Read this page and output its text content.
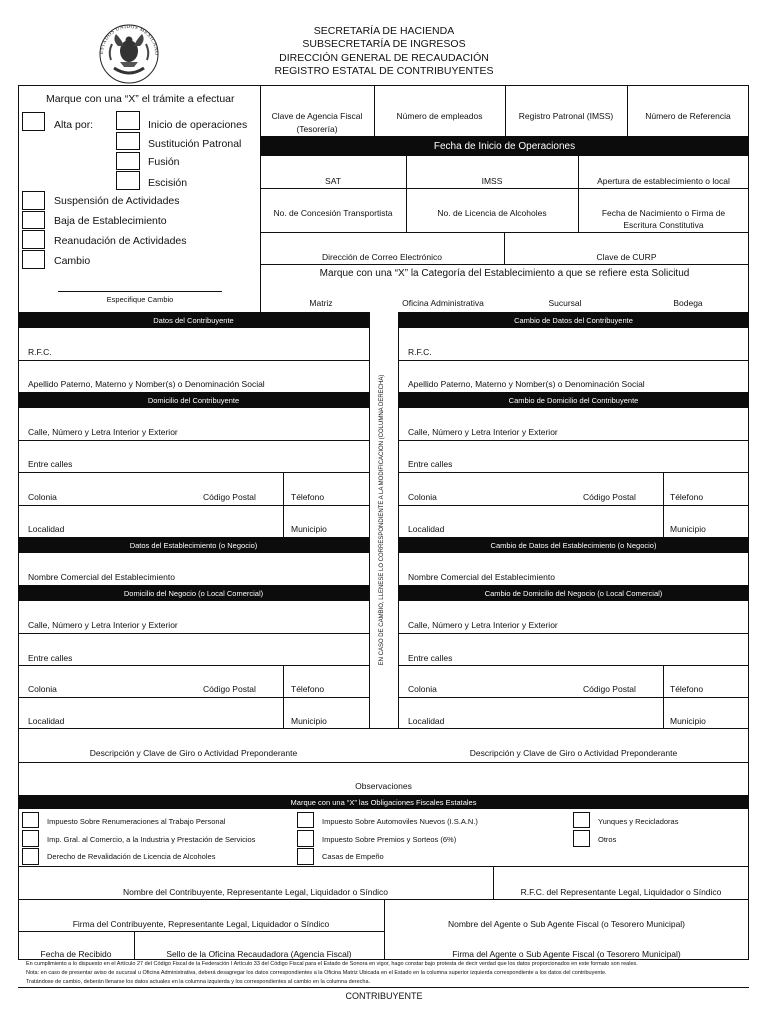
ESTADOS UNIDOS MEXICANO
SECRETARÍA DE HACIENDA
SUBSECRETARÍA DE INGRESOS
DIRECCIÓN GENERAL DE RECAUDACIÓN
REGISTRO ESTATAL DE CONTRIBUYENTES
Marque con una “X” el trámite a efectuar
Alta por:	Inicio de operaciones
Sustitución Patronal
Fusión
Escisión
Suspensión de Actividades
Baja de Establecimiento
Reanudación de Actividades
Cambio
Especifique Cambio
Clave de Agencia Fiscal
(Tesorería)
Número de empleados	Registro Patronal (IMSS)	Número de Referencia
Fecha de Inicio de Operaciones
SAT	IMSS	Apertura de establecimiento o local
No. de Concesión Transportista	No. de Licencia de Alcoholes	Fecha de Nacimiento o Firma de
Escritura Constitutiva
Dirección de Correo Electrónico	Clave de CURP
Marque con una “X” la Categoría del Establecimiento a que se refiere esta Solicitud
Matriz	Oficina Administrativa	Sucursal	Bodega
EN CASO DE CAMBIO, LLENESE LO CORRESPONDIENTE A LA MODIFICACION (COLUMNA DERECHA)
Datos del Contribuyente
R.F.C.
Apellido Paterno, Materno y Nomber(s) o Denominación Social
Domicilio del Contribuyente
Calle, Número y Letra Interior y Exterior
Entre calles
Colonia	Código Postal	Télefono
Localidad	Municipio
Datos del Establecimiento (o Negocio)
Nombre Comercial del Establecimiento
Domicilio del Negocio (o Local Comercial)
Calle, Número y Letra Interior y Exterior
Entre calles
Colonia	Código Postal	Télefono
Localidad	Municipio
Cambio de Datos del Contribuyente
R.F.C.
Apellido Paterno, Materno y Nomber(s) o Denominación Social
Cambio de Domicilio del Contribuyente
Calle, Número y Letra Interior y Exterior
Entre calles
Colonia	Código Postal	Télefono
Localidad	Municipio
Cambio de Datos del Establecimiento (o Negocio)
Nombre Comercial del Establecimiento
Cambio de Domicilio del Negocio (o Local Comercial)
Calle, Número y Letra Interior y Exterior
Entre calles
Colonia	Código Postal	Télefono
Localidad	Municipio
Descripción y Clave de Giro o Actividad Preponderante	Descripción y Clave de Giro o Actividad Preponderante
Observaciones
Marque con una “X” las Obligaciones Fiscales Estatales
Impuesto Sobre Renumeraciones al Trabajo Personal
Imp. Gral. al Comercio, a la Industria y Prestación de Servicios
Derecho de Revalidación de Licencia de Alcoholes
Impuesto Sobre Automoviles Nuevos (I.S.A.N.)
Impuesto Sobre Premios y Sorteos (6%)
Casas de Empeño
Yunques y Recicladoras
Otros
Nombre del Contribuyente, Representante Legal, Liquidador o Síndico	R.F.C. del Representante Legal, Liquidador o Síndico
Firma del Contribuyente, Representante Legal, Liquidador o Síndico	Nombre del Agente o Sub Agente Fiscal (o Tesorero Municipal)
Fecha de Recibido	Sello de la Oficina Recaudadora (Agencia Fiscal)	Firma del Agente o Sub Agente Fiscal (o Tesorero Municipal)
En cumplimiento a lo dispuesto en el Artículo 27 del Código Fiscal de la Federación I Artículo 33 del Código Fiscal para el Estado de Sonora en vigor, hago constar bajo protesta de decir verdad que los datos proporcionados en este formato son reales.
Nota: en caso de presentar aviso de sucursal u Oficina Administrativa, deberá desagregar los datos correspondientes a la Oficina Matriz Ubicada en el Estado en la columna superior izquierda correspondiente a los datos del contribuyente.
Tratándose de cambio, deberán llenarse los datos actuales en la columna izquierda y los correspondientes al cambio en la columna derecha.
CONTRIBUYENTE
